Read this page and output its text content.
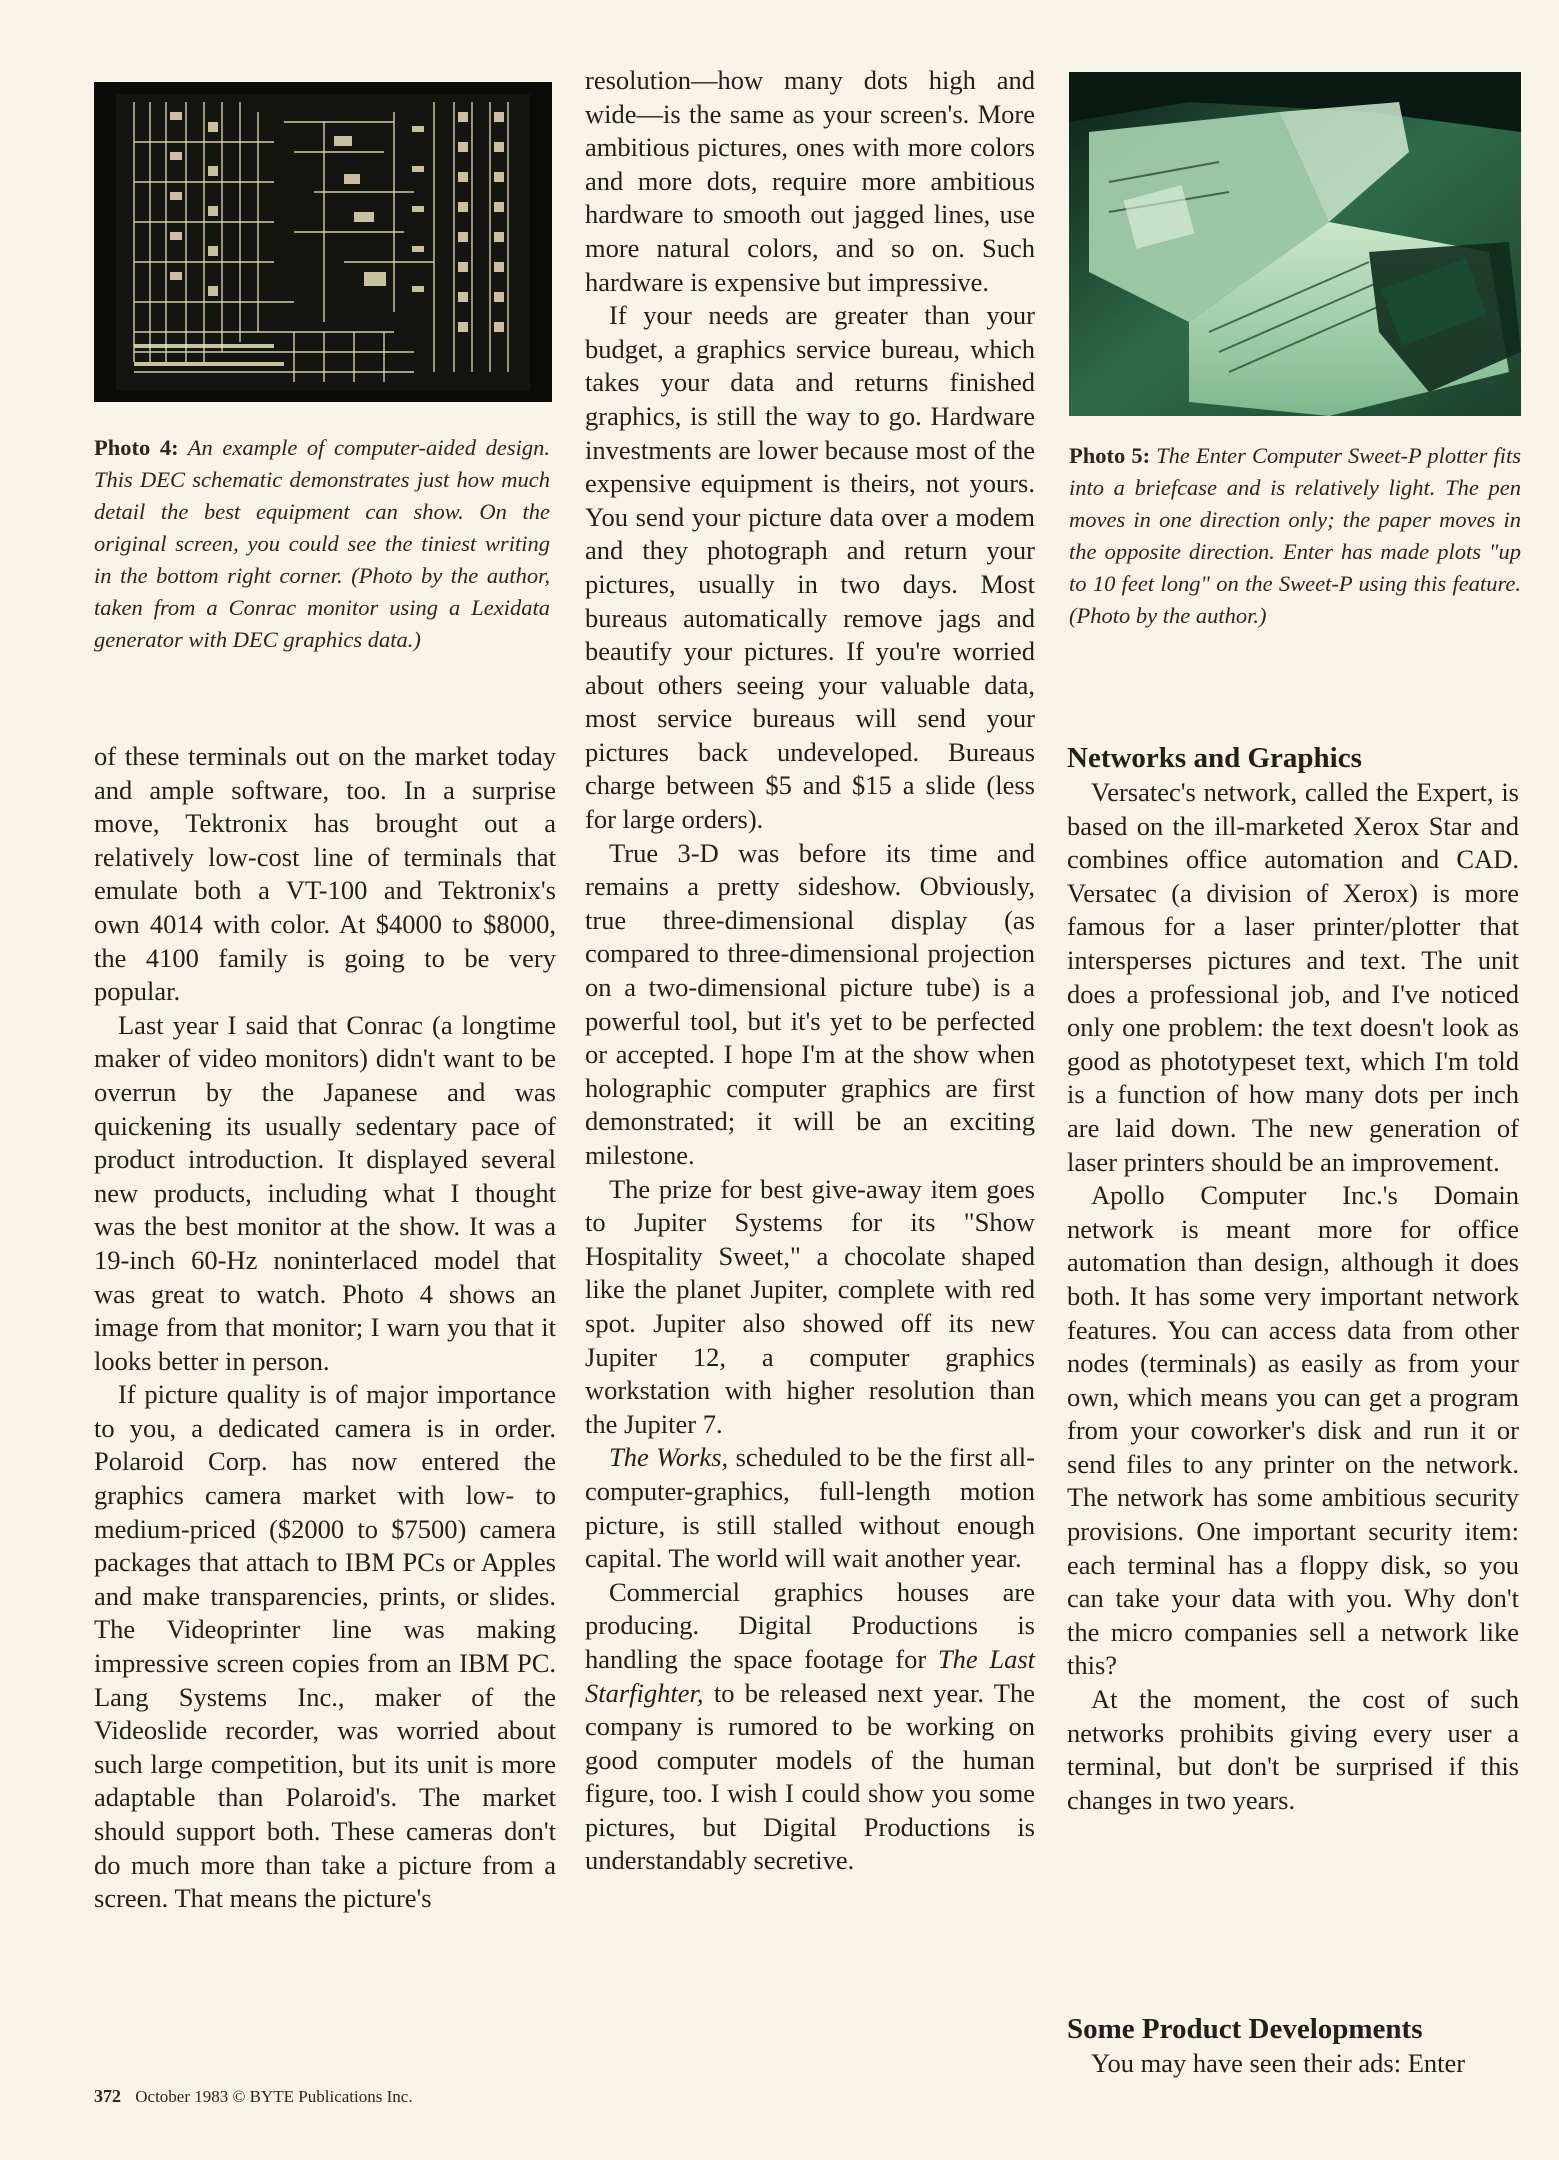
Photo 4: An example of computer-aided design. This DEC schematic demonstrates just how much detail the best equipment can show. On the original screen, you could see the tiniest writing in the bottom right corner. (Photo by the author, taken from a Conrac monitor using a Lexidata generator with DEC graphics data.)
Photo 5: The Enter Computer Sweet-P plotter fits into a briefcase and is relatively light. The pen moves in one direction only; the paper moves in the opposite direction. Enter has made plots "up to 10 feet long" on the Sweet-P using this feature. (Photo by the author.)

of these terminals out on the market today and ample software, too. In a surprise move, Tektronix has brought out a relatively low-cost line of terminals that emulate both a VT-100 and Tektronix's own 4014 with color. At $4000 to $8000, the 4100 family is going to be very popular.

Last year I said that Conrac (a longtime maker of video monitors) didn't want to be overrun by the Japanese and was quickening its usually sedentary pace of product introduction. It displayed several new products, including what I thought was the best monitor at the show. It was a 19-inch 60-Hz noninterlaced model that was great to watch. Photo 4 shows an image from that monitor; I warn you that it looks better in person.

If picture quality is of major importance to you, a dedicated camera is in order. Polaroid Corp. has now entered the graphics camera market with low- to medium-priced ($2000 to $7500) camera packages that attach to IBM PCs or Apples and make transparencies, prints, or slides. The Videoprinter line was making impressive screen copies from an IBM PC. Lang Systems Inc., maker of the Videoslide recorder, was worried about such large competition, but its unit is more adaptable than Polaroid's. The market should support both. These cameras don't do much more than take a picture from a screen. That means the picture's

resolution—how many dots high and wide—is the same as your screen's. More ambitious pictures, ones with more colors and more dots, require more ambitious hardware to smooth out jagged lines, use more natural colors, and so on. Such hardware is expensive but impressive.

If your needs are greater than your budget, a graphics service bureau, which takes your data and returns finished graphics, is still the way to go. Hardware investments are lower because most of the expensive equipment is theirs, not yours. You send your picture data over a modem and they photograph and return your pictures, usually in two days. Most bureaus automatically remove jags and beautify your pictures. If you're worried about others seeing your valuable data, most service bureaus will send your pictures back undeveloped. Bureaus charge between $5 and $15 a slide (less for large orders).

True 3-D was before its time and remains a pretty sideshow. Obviously, true three-dimensional display (as compared to three-dimensional projection on a two-dimensional picture tube) is a powerful tool, but it's yet to be perfected or accepted. I hope I'm at the show when holographic computer graphics are first demonstrated; it will be an exciting milestone.

The prize for best give-away item goes to Jupiter Systems for its "Show Hospitality Sweet," a chocolate shaped like the planet Jupiter, complete with red spot. Jupiter also showed off its new Jupiter 12, a computer graphics workstation with higher resolution than the Jupiter 7.

The Works, scheduled to be the first all-computer-graphics, full-length motion picture, is still stalled without enough capital. The world will wait another year.

Commercial graphics houses are producing. Digital Productions is handling the space footage for The Last Starfighter, to be released next year. The company is rumored to be working on good computer models of the human figure, too. I wish I could show you some pictures, but Digital Productions is understandably secretive.

Networks and Graphics

Versatec's network, called the Expert, is based on the ill-marketed Xerox Star and combines office automation and CAD. Versatec (a division of Xerox) is more famous for a laser printer/plotter that intersperses pictures and text. The unit does a professional job, and I've noticed only one problem: the text doesn't look as good as phototypeset text, which I'm told is a function of how many dots per inch are laid down. The new generation of laser printers should be an improvement.

Apollo Computer Inc.'s Domain network is meant more for office automation than design, although it does both. It has some very important network features. You can access data from other nodes (terminals) as easily as from your own, which means you can get a program from your coworker's disk and run it or send files to any printer on the network. The network has some ambitious security provisions. One important security item: each terminal has a floppy disk, so you can take your data with you. Why don't the micro companies sell a network like this?

At the moment, the cost of such networks prohibits giving every user a terminal, but don't be surprised if this changes in two years.

Some Product Developments

You may have seen their ads: Enter

372 October 1983 © BYTE Publications Inc.
